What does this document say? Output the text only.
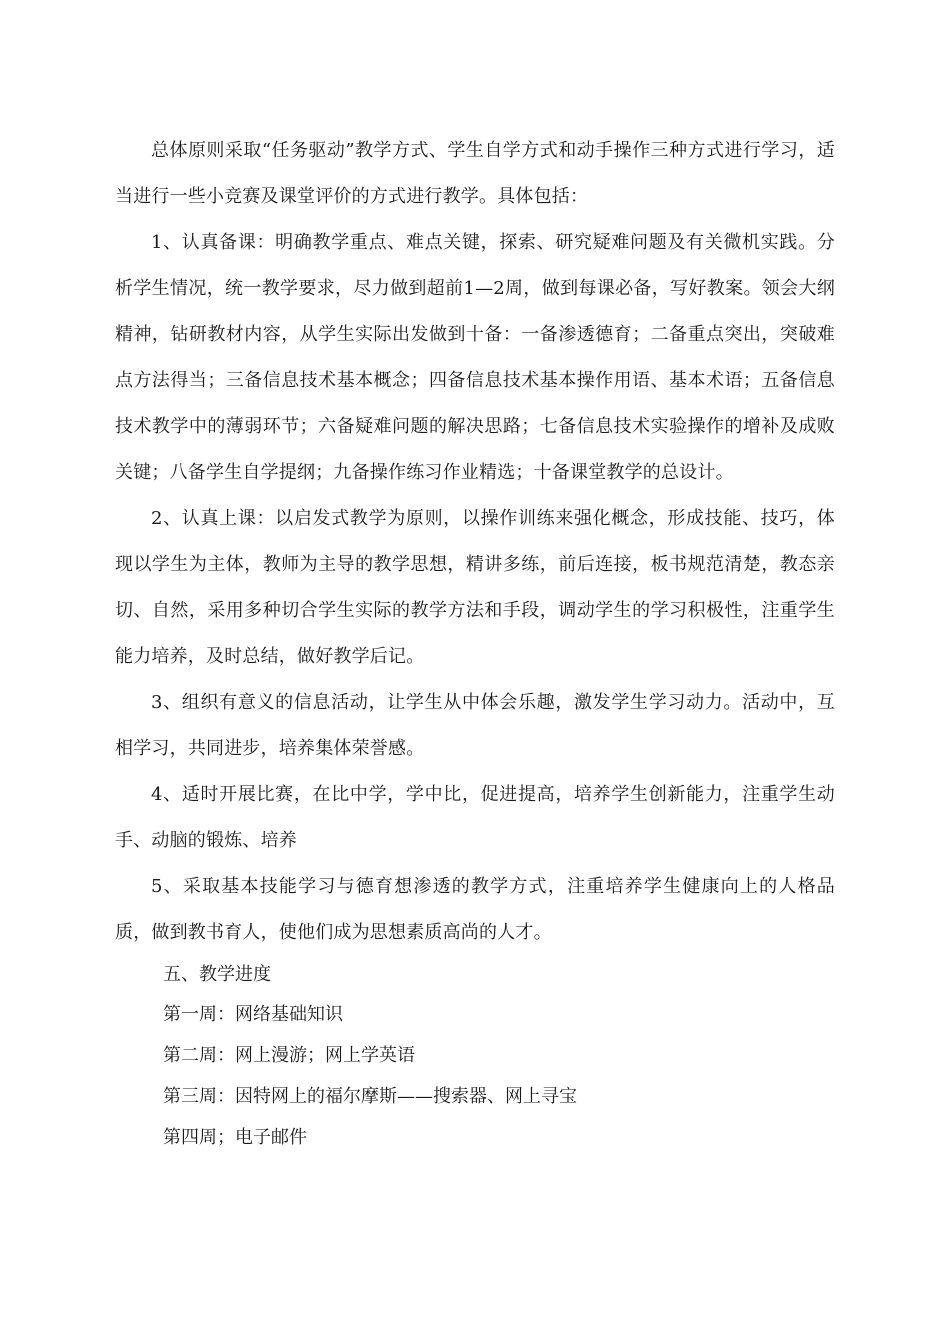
总体原则采取“任务驱动”教学方式、学生自学方式和动手操作三种方式进行学习，适当进行一些小竞赛及课堂评价的方式进行教学。具体包括：

1、认真备课：明确教学重点、难点关键，探索、研究疑难问题及有关微机实践。分析学生情况，统一教学要求，尽力做到超前1—2周，做到每课必备，写好教案。领会大纲精神，钻研教材内容，从学生实际出发做到十备：一备渗透德育；二备重点突出，突破难点方法得当；三备信息技术基本概念；四备信息技术基本操作用语、基本术语；五备信息技术教学中的薄弱环节；六备疑难问题的解决思路；七备信息技术实验操作的增补及成败关键；八备学生自学提纲；九备操作练习作业精选；十备课堂教学的总设计。

2、认真上课：以启发式教学为原则，以操作训练来强化概念，形成技能、技巧，体现以学生为主体，教师为主导的教学思想，精讲多练，前后连接，板书规范清楚，教态亲切、自然，采用多种切合学生实际的教学方法和手段，调动学生的学习积极性，注重学生能力培养，及时总结，做好教学后记。

3、组织有意义的信息活动，让学生从中体会乐趣，激发学生学习动力。活动中，互相学习，共同进步，培养集体荣誉感。

4、适时开展比赛，在比中学，学中比，促进提高，培养学生创新能力，注重学生动手、动脑的锻炼、培养

5、采取基本技能学习与德育想渗透的教学方式，注重培养学生健康向上的人格品质，做到教书育人，使他们成为思想素质高尚的人才。

五、教学进度

第一周：网络基础知识

第二周：网上漫游；网上学英语

第三周：因特网上的福尔摩斯——搜索器、网上寻宝

第四周；电子邮件
